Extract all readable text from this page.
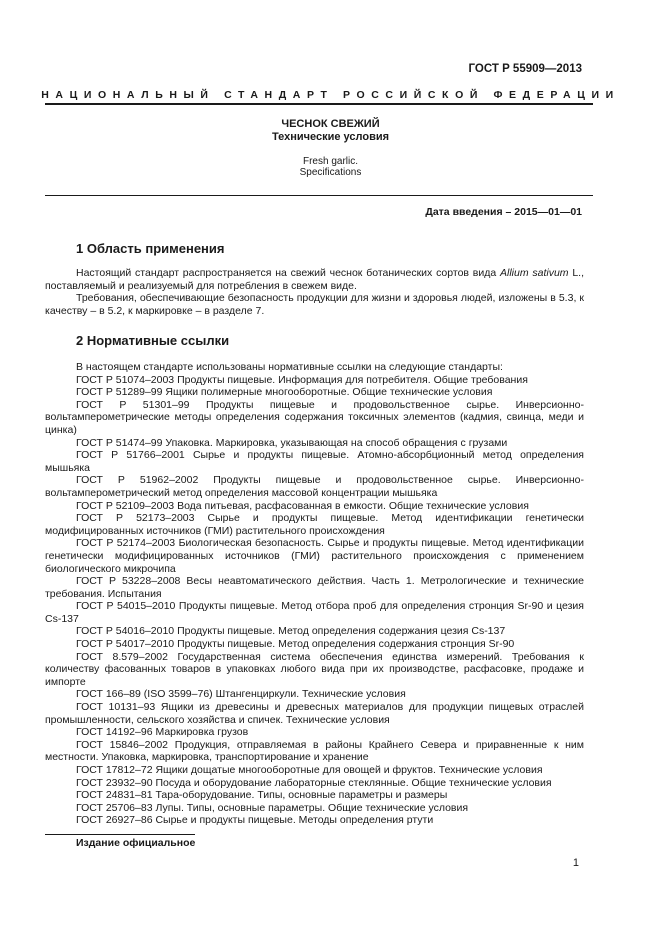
ГОСТ Р 55909—2013
НАЦИОНАЛЬНЫЙ СТАНДАРТ РОССИЙСКОЙ ФЕДЕРАЦИИ
ЧЕСНОК СВЕЖИЙ
Технические условия
Fresh garlic.
Specifications
Дата введения – 2015—01—01
1 Область применения

Настоящий стандарт распространяется на свежий чеснок ботанических сортов вида Allium sativum L., поставляемый и реализуемый для потребления в свежем виде.

Требования, обеспечивающие безопасность продукции для жизни и здоровья людей, изложены в 5.3, к качеству – в 5.2, к маркировке – в разделе 7.

2 Нормативные ссылки

В настоящем стандарте использованы нормативные ссылки на следующие стандарты:

ГОСТ Р 51074–2003 Продукты пищевые. Информация для потребителя. Общие требования

ГОСТ Р 51289–99 Ящики полимерные многооборотные. Общие технические условия

ГОСТ Р 51301–99 Продукты пищевые и продовольственное сырье. Инверсионно-вольтамперометрические методы определения содержания токсичных элементов (кадмия, свинца, меди и цинка)

ГОСТ Р 51474–99 Упаковка. Маркировка, указывающая на способ обращения с грузами

ГОСТ Р 51766–2001 Сырье и продукты пищевые. Атомно-абсорбционный метод определения мышьяка

ГОСТ Р 51962–2002 Продукты пищевые и продовольственное сырье. Инверсионно-вольтамперометрический метод определения массовой концентрации мышьяка

ГОСТ Р 52109–2003 Вода питьевая, расфасованная в емкости. Общие технические условия

ГОСТ Р 52173–2003 Сырье и продукты пищевые. Метод идентификации генетически модифицированных источников (ГМИ) растительного происхождения

ГОСТ Р 52174–2003 Биологическая безопасность. Сырье и продукты пищевые. Метод идентификации генетически модифицированных источников (ГМИ) растительного происхождения с применением биологического микрочипа

ГОСТ Р 53228–2008 Весы неавтоматического действия. Часть 1. Метрологические и технические требования. Испытания

ГОСТ Р 54015–2010 Продукты пищевые. Метод отбора проб для определения стронция Sr-90 и цезия Cs-137

ГОСТ Р 54016–2010 Продукты пищевые. Метод определения содержания цезия Cs-137

ГОСТ Р 54017–2010 Продукты пищевые. Метод определения содержания стронция Sr-90

ГОСТ 8.579–2002 Государственная система обеспечения единства измерений. Требования к количеству фасованных товаров в упаковках любого вида при их производстве, расфасовке, продаже и импорте

ГОСТ 166–89 (ISO 3599–76) Штангенциркули. Технические условия

ГОСТ 10131–93 Ящики из древесины и древесных материалов для продукции пищевых отраслей промышленности, сельского хозяйства и спичек. Технические условия

ГОСТ 14192–96 Маркировка грузов

ГОСТ 15846–2002 Продукция, отправляемая в районы Крайнего Севера и приравненные к ним местности. Упаковка, маркировка, транспортирование и хранение

ГОСТ 17812–72 Ящики дощатые многооборотные для овощей и фруктов. Технические условия

ГОСТ 23932–90 Посуда и оборудование лабораторные стеклянные. Общие технические условия

ГОСТ 24831–81 Тара-оборудование. Типы, основные параметры и размеры

ГОСТ 25706–83 Лупы. Типы, основные параметры. Общие технические условия

ГОСТ 26927–86 Сырье и продукты пищевые. Методы определения ртути

Издание официальное
1
